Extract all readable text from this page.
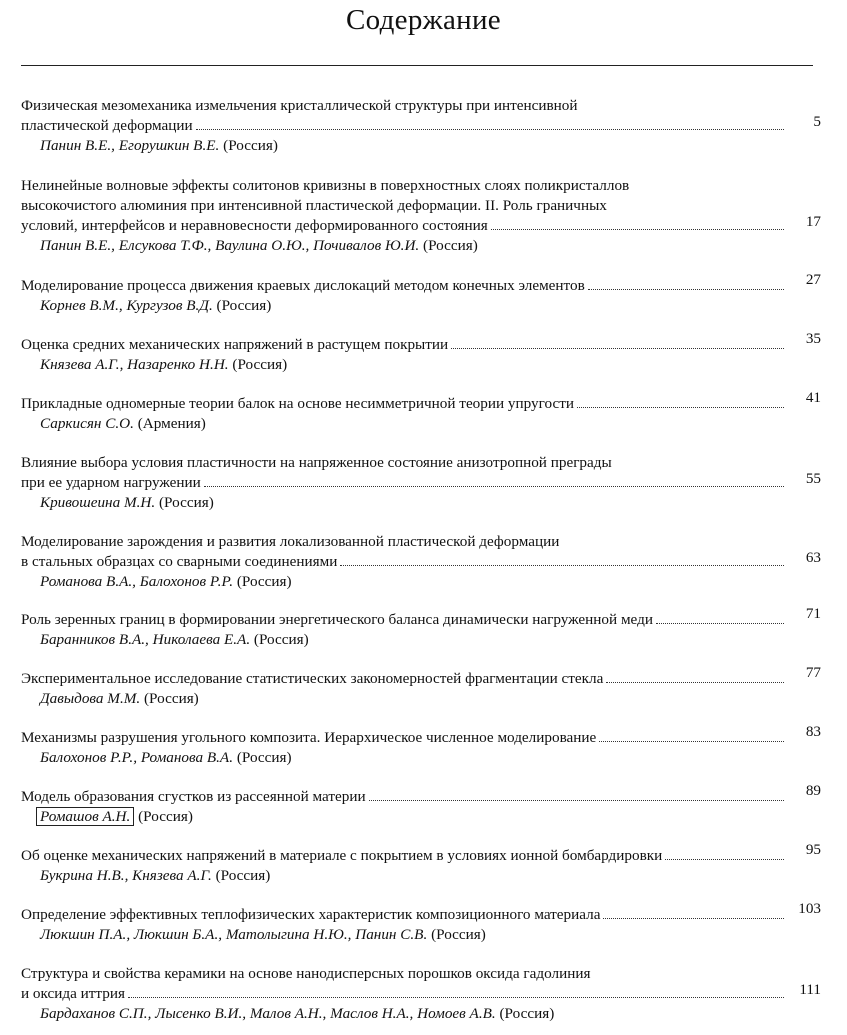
Содержание
Физическая мезомеханика измельчения кристаллической структуры при интенсивной
пластической деформации	5
Панин В.Е., Егорушкин В.Е. (Россия)
Нелинейные волновые эффекты солитонов кривизны в поверхностных слоях поликристаллов
высокочистого алюминия при интенсивной пластической деформации. II. Роль граничных
условий, интерфейсов и неравновесности деформированного состояния	17
Панин В.Е., Елсукова Т.Ф., Ваулина О.Ю., Почивалов Ю.И. (Россия)
Моделирование процесса движения краевых дислокаций методом конечных элементов	27
Корнев В.М., Кургузов В.Д. (Россия)
Оценка средних механических напряжений в растущем покрытии	35
Князева А.Г., Назаренко Н.Н. (Россия)
Прикладные одномерные теории балок на основе несимметричной теории упругости	41
Саркисян С.О. (Армения)
Влияние выбора условия пластичности на напряженное состояние анизотропной преграды
при ее ударном нагружении	55
Кривошеина М.Н. (Россия)
Моделирование зарождения и развития локализованной пластической деформации
в стальных образцах со сварными соединениями	63
Романова В.А., Балохонов Р.Р. (Россия)
Роль зеренных границ в формировании энергетического баланса динамически нагруженной меди	71
Баранников В.А., Николаева Е.А. (Россия)
Экспериментальное исследование статистических закономерностей фрагментации стекла	77
Давыдова М.М. (Россия)
Механизмы разрушения угольного композита. Иерархическое численное моделирование	83
Балохонов Р.Р., Романова В.А. (Россия)
Модель образования сгустков из рассеянной материи	89
Ромашов А.Н. (Россия)
Об оценке механических напряжений в материале с покрытием в условиях ионной бомбардировки	95
Букрина Н.В., Князева А.Г. (Россия)
Определение эффективных теплофизических характеристик композиционного материала	103
Люкшин П.А., Люкшин Б.А., Матолыгина Н.Ю., Панин С.В. (Россия)
Структура и свойства керамики на основе нанодисперсных порошков оксида гадолиния
и оксида иттрия	111
Бардаханов С.П., Лысенко В.И., Малов А.Н., Маслов Н.А., Номоев А.В. (Россия)
